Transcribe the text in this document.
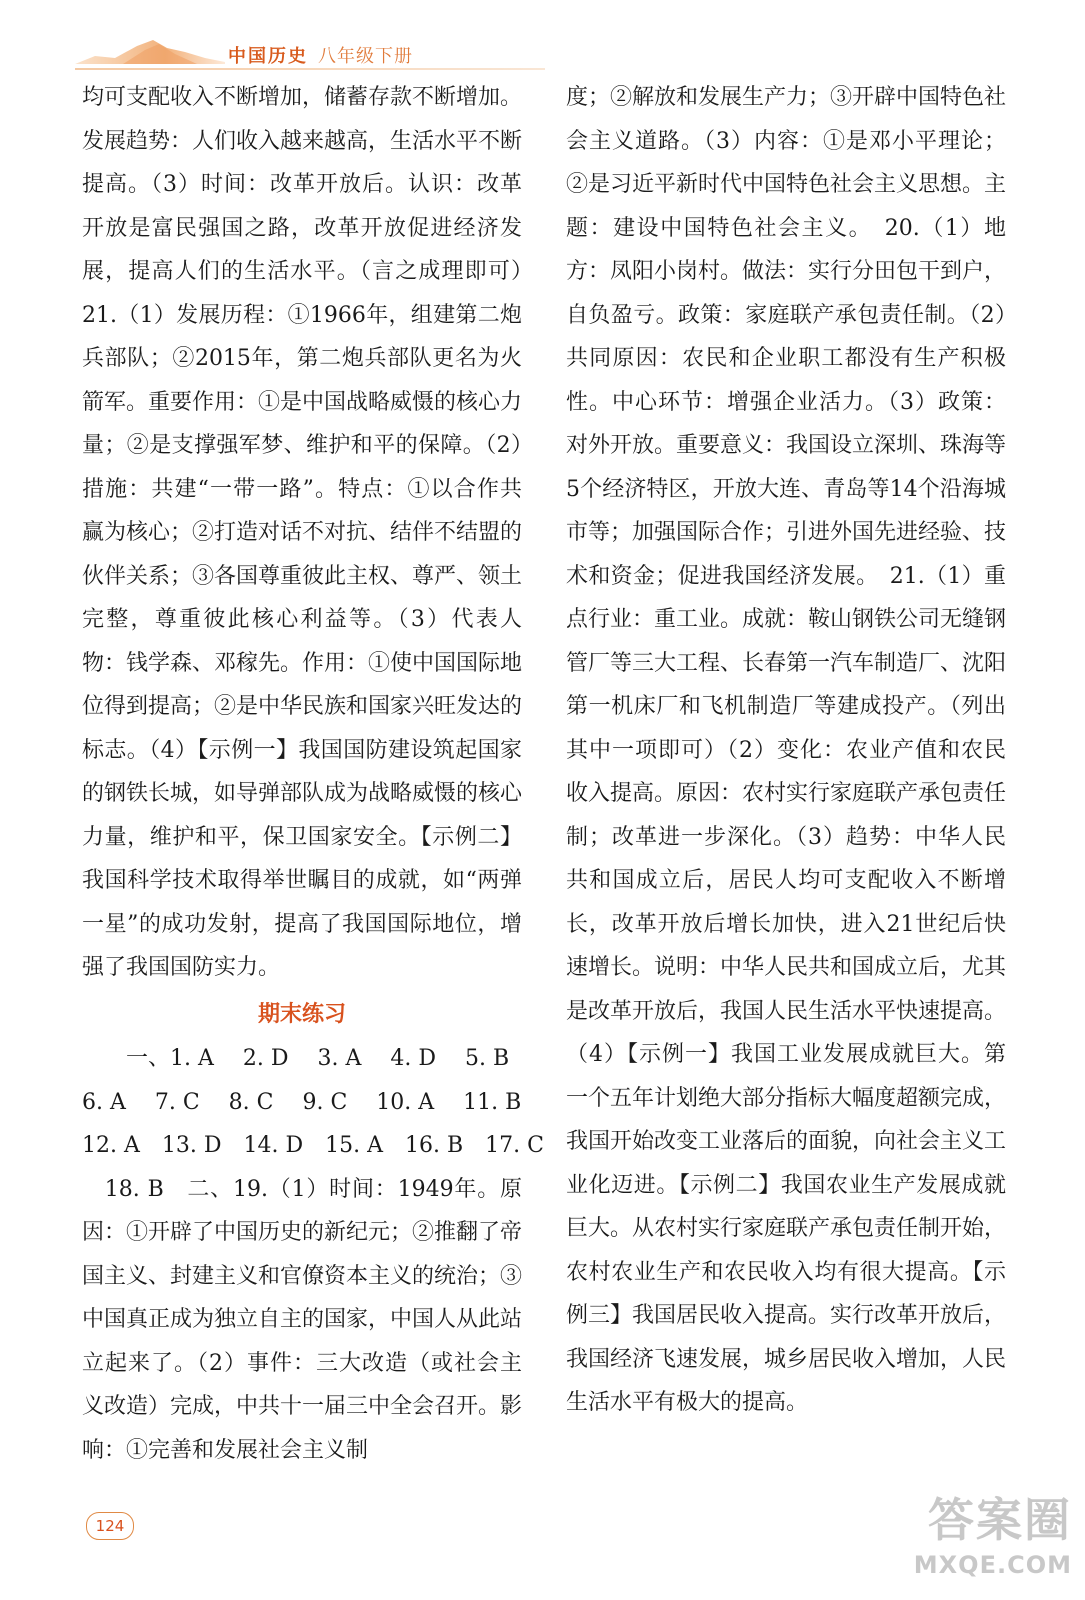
中国历史 八年级下册

均可支配收入不断增加，储蓄存款不断增加。发展趋势：人们收入越来越高，生活水平不断提高。（3）时间：改革开放后。认识：改革开放是富民强国之路，改革开放促进经济发展，提高人们的生活水平。（言之成理即可）　21.（1）发展历程：①1966年，组建第二炮兵部队；②2015年，第二炮兵部队更名为火箭军。重要作用：①是中国战略威慑的核心力量；②是支撑强军梦、维护和平的保障。（2）措施：共建“一带一路”。特点：①以合作共赢为核心；②打造对话不对抗、结伴不结盟的伙伴关系；③各国尊重彼此主权、尊严、领土完整，尊重彼此核心利益等。（3）代表人物：钱学森、邓稼先。作用：①使中国国际地位得到提高；②是中华民族和国家兴旺发达的标志。（4）【示例一】我国国防建设筑起国家的钢铁长城，如导弹部队成为战略威慑的核心力量，维护和平，保卫国家安全。【示例二】我国科学技术取得举世瞩目的成就，如“两弹一星”的成功发射，提高了我国国际地位，增强了我国国防实力。

期末练习

　　一、1. A　 2. D　 3. A　 4. D　 5. B

6. A　 7. C　 8. C　 9. C　 10. A　 11. B

12. A　13. D　14. D　15. A　16. B　17. C

　18. B　二、19.（1）时间：1949年。原因：①开辟了中国历史的新纪元；②推翻了帝国主义、封建主义和官僚资本主义的统治；③中国真正成为独立自主的国家，中国人从此站立起来了。（2）事件：三大改造（或社会主义改造）完成，中共十一届三中全会召开。影响：①完善和发展社会主义制

度；②解放和发展生产力；③开辟中国特色社会主义道路。（3）内容：①是邓小平理论；②是习近平新时代中国特色社会主义思想。主题：建设中国特色社会主义。　20.（1）地方：凤阳小岗村。做法：实行分田包干到户，自负盈亏。政策：家庭联产承包责任制。（2）共同原因：农民和企业职工都没有生产积极性。中心环节：增强企业活力。（3）政策：对外开放。重要意义：我国设立深圳、珠海等5个经济特区，开放大连、青岛等14个沿海城市等；加强国际合作；引进外国先进经验、技术和资金；促进我国经济发展。　21.（1）重点行业：重工业。成就：鞍山钢铁公司无缝钢管厂等三大工程、长春第一汽车制造厂、沈阳第一机床厂和飞机制造厂等建成投产。（列出其中一项即可）（2）变化：农业产值和农民收入提高。原因：农村实行家庭联产承包责任制；改革进一步深化。（3）趋势：中华人民共和国成立后，居民人均可支配收入不断增长，改革开放后增长加快，进入21世纪后快速增长。说明：中华人民共和国成立后，尤其是改革开放后，我国人民生活水平快速提高。（4）【示例一】我国工业发展成就巨大。第一个五年计划绝大部分指标大幅度超额完成，我国开始改变工业落后的面貌，向社会主义工业化迈进。【示例二】我国农业生产发展成就巨大。从农村实行家庭联产承包责任制开始，农村农业生产和农民收入均有很大提高。【示例三】我国居民收入提高。实行改革开放后，我国经济飞速发展，城乡居民收入增加，人民生活水平有极大的提高。

124	答案圈
MXQE.COM
